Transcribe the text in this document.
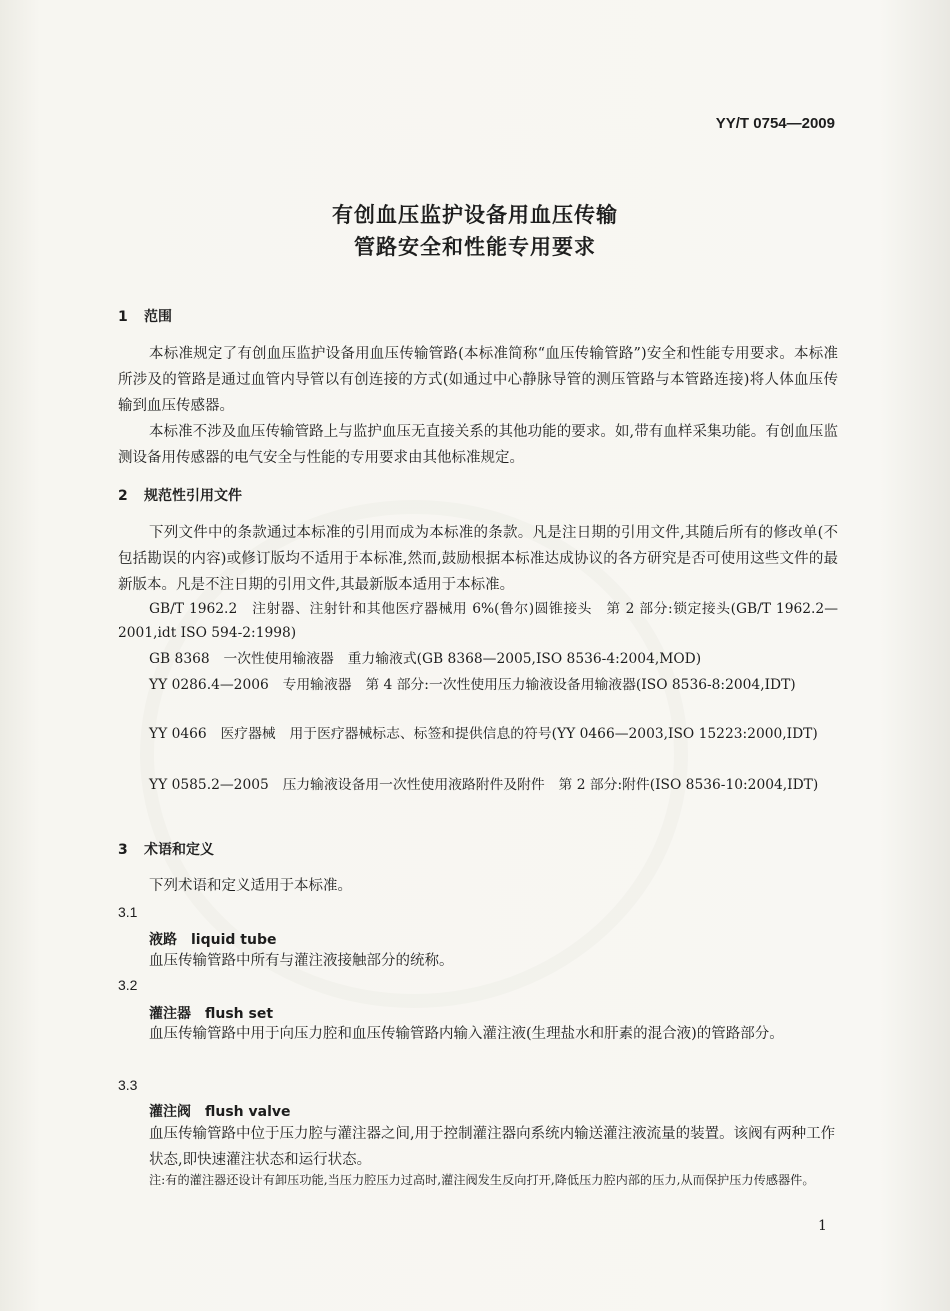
YY/T 0754—2009
有创血压监护设备用血压传输
管路安全和性能专用要求
1 范围
本标准规定了有创血压监护设备用血压传输管路(本标准简称“血压传输管路”)安全和性能专用要求。本标准所涉及的管路是通过血管内导管以有创连接的方式(如通过中心静脉导管的测压管路与本管路连接)将人体血压传输到血压传感器。
本标准不涉及血压传输管路上与监护血压无直接关系的其他功能的要求。如,带有血样采集功能。有创血压监测设备用传感器的电气安全与性能的专用要求由其他标准规定。
2 规范性引用文件
下列文件中的条款通过本标准的引用而成为本标准的条款。凡是注日期的引用文件,其随后所有的修改单(不包括勘误的内容)或修订版均不适用于本标准,然而,鼓励根据本标准达成协议的各方研究是否可使用这些文件的最新版本。凡是不注日期的引用文件,其最新版本适用于本标准。
GB/T 1962.2　注射器、注射针和其他医疗器械用 6%(鲁尔)圆锥接头　第 2 部分:锁定接头(GB/T 1962.2—2001,idt ISO 594-2:1998)
GB 8368　一次性使用输液器　重力输液式(GB 8368—2005,ISO 8536-4:2004,MOD)
YY 0286.4—2006　专用输液器　第 4 部分:一次性使用压力输液设备用输液器(ISO 8536-8:2004,IDT)
YY 0466　医疗器械　用于医疗器械标志、标签和提供信息的符号(YY 0466—2003,ISO 15223:2000,IDT)
YY 0585.2—2005　压力输液设备用一次性使用液路附件及附件　第 2 部分:附件(ISO 8536-10:2004,IDT)
3 术语和定义
下列术语和定义适用于本标准。
3.1
液路　liquid tube
血压传输管路中所有与灌注液接触部分的统称。
3.2
灌注器　flush set
血压传输管路中用于向压力腔和血压传输管路内输入灌注液(生理盐水和肝素的混合液)的管路部分。
3.3
灌注阀　flush valve
血压传输管路中位于压力腔与灌注器之间,用于控制灌注器向系统内输送灌注液流量的装置。该阀有两种工作状态,即快速灌注状态和运行状态。
注:有的灌注器还设计有卸压功能,当压力腔压力过高时,灌注阀发生反向打开,降低压力腔内部的压力,从而保护压力传感器件。
1
